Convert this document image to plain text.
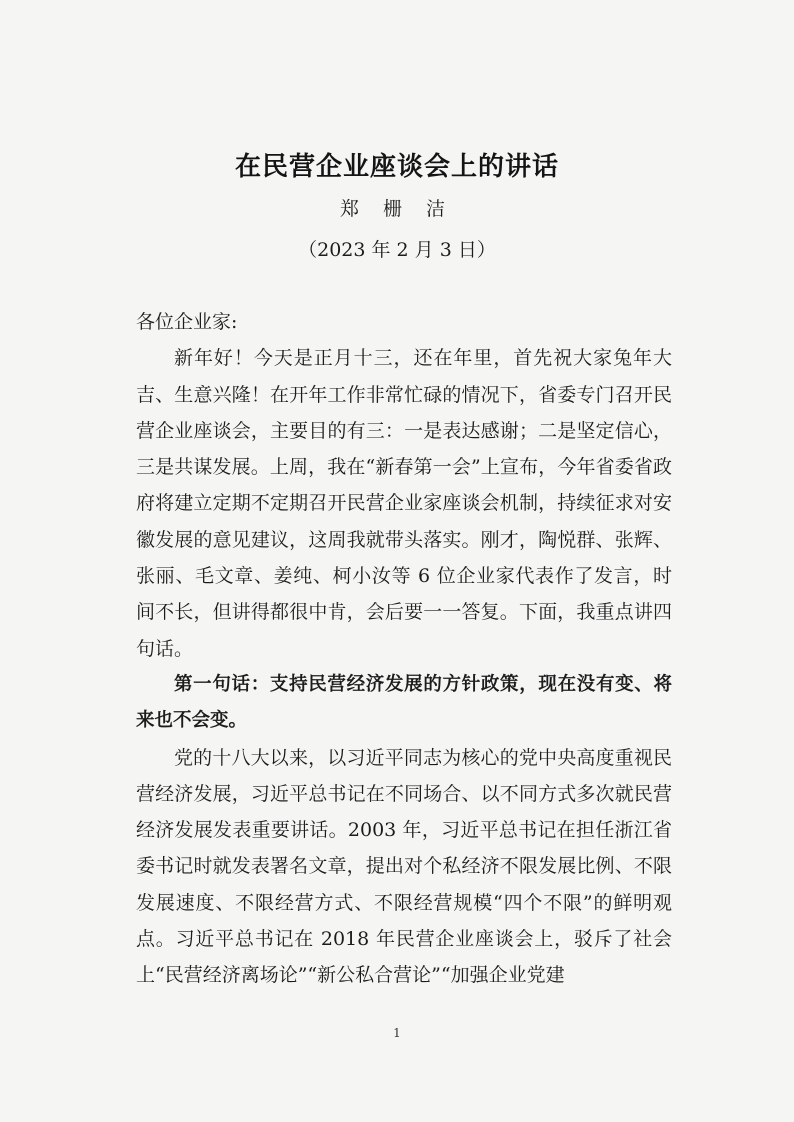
在民营企业座谈会上的讲话
郑 栅 洁
（2023 年 2 月 3 日）

各位企业家:

新年好！今天是正月十三，还在年里，首先祝大家兔年大吉、生意兴隆！在开年工作非常忙碌的情况下，省委专门召开民营企业座谈会，主要目的有三：一是表达感谢；二是坚定信心，三是共谋发展。上周，我在“新春第一会”上宣布，今年省委省政府将建立定期不定期召开民营企业家座谈会机制，持续征求对安徽发展的意见建议，这周我就带头落实。刚才，陶悦群、张辉、张丽、毛文章、姜纯、柯小汝等 6 位企业家代表作了发言，时间不长，但讲得都很中肯，会后要一一答复。下面，我重点讲四句话。

第一句话：支持民营经济发展的方针政策，现在没有变、将来也不会变。

党的十八大以来，以习近平同志为核心的党中央高度重视民营经济发展，习近平总书记在不同场合、以不同方式多次就民营经济发展发表重要讲话。2003 年，习近平总书记在担任浙江省委书记时就发表署名文章，提出对个私经济不限发展比例、不限发展速度、不限经营方式、不限经营规模“四个不限”的鲜明观点。习近平总书记在 2018 年民营企业座谈会上，驳斥了社会上“民营经济离场论”“新公私合营论”“加强企业党建

1
